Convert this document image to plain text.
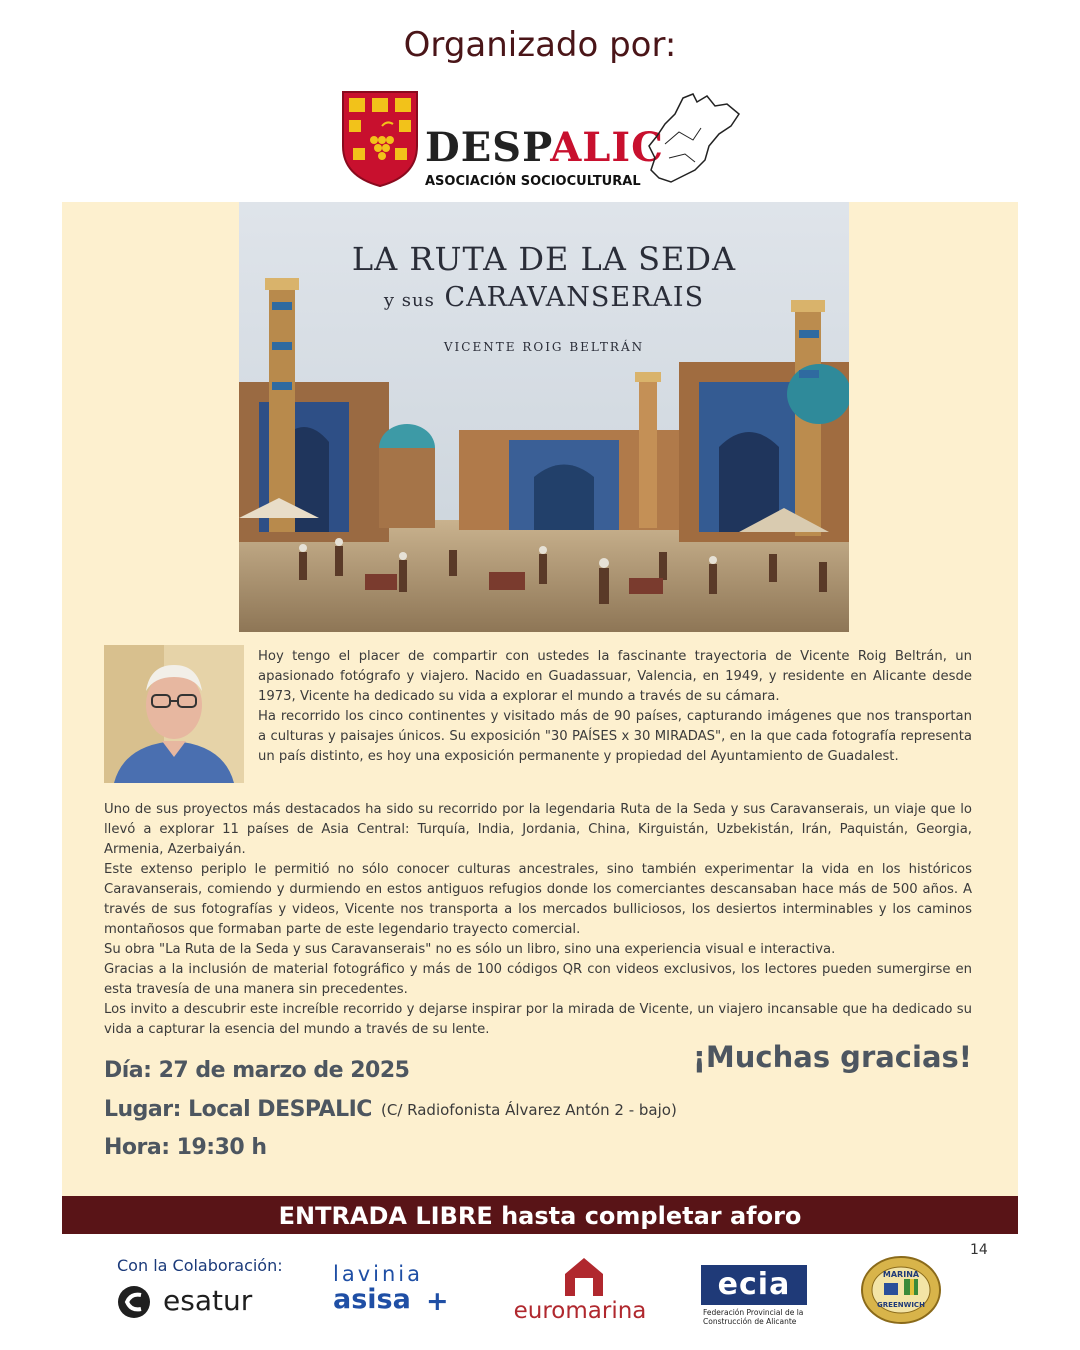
Organizado por:
DESPALIC
ASOCIACIÓN SOCIOCULTURAL
LA RUTA DE LA SEDA
y sus CARAVANSERAIS
VICENTE ROIG BELTRÁN

Hoy tengo el placer de compartir con ustedes la fascinante trayectoria de Vicente Roig Beltrán, un apasionado fotógrafo y viajero. Nacido en Guadassuar, Valencia, en 1949, y residente en Alicante desde 1973, Vicente ha dedicado su vida a explorar el mundo a través de su cámara.

Ha recorrido los cinco continentes y visitado más de 90 países, capturando imágenes que nos transportan a culturas y paisajes únicos. Su exposición "30 PAÍSES x 30 MIRADAS", en la que cada fotografía representa un país distinto, es hoy una exposición permanente y propiedad del Ayuntamiento de Guadalest.

Uno de sus proyectos más destacados ha sido su recorrido por la legendaria Ruta de la Seda y sus Caravanserais, un viaje que lo llevó a explorar 11 países de Asia Central: Turquía, India, Jordania, China, Kirguistán, Uzbekistán, Irán, Paquistán, Georgia, Armenia, Azerbaiyán.

Este extenso periplo le permitió no sólo conocer culturas ancestrales, sino también experimentar la vida en los históricos Caravanserais, comiendo y durmiendo en estos antiguos refugios donde los comerciantes descansaban hace más de 500 años. A través de sus fotografías y videos, Vicente nos transporta a los mercados bulliciosos, los desiertos interminables y los caminos montañosos que formaban parte de este legendario trayecto comercial.

Su obra "La Ruta de la Seda y sus Caravanserais" no es sólo un libro, sino una experiencia visual e interactiva.

Gracias a la inclusión de material fotográfico y más de 100 códigos QR con videos exclusivos, los lectores pueden sumergirse en esta travesía de una manera sin precedentes.

Los invito a descubrir este increíble recorrido y dejarse inspirar por la mirada de Vicente, un viajero incansable que ha dedicado su vida a capturar la esencia del mundo a través de su lente.

Día: 27 de marzo de 2025
Lugar: Local DESPALIC (C/ Radiofonista Álvarez Antón 2 - bajo)
Hora: 19:30 h
¡Muchas gracias!
ENTRADA LIBRE hasta completar aforo
14
Con la Colaboración:
esatur
lavinia
asisa +	euromarina
ecia
Federación Provincial de la
Construcción de Alicante
MARINA
GREENWICH
